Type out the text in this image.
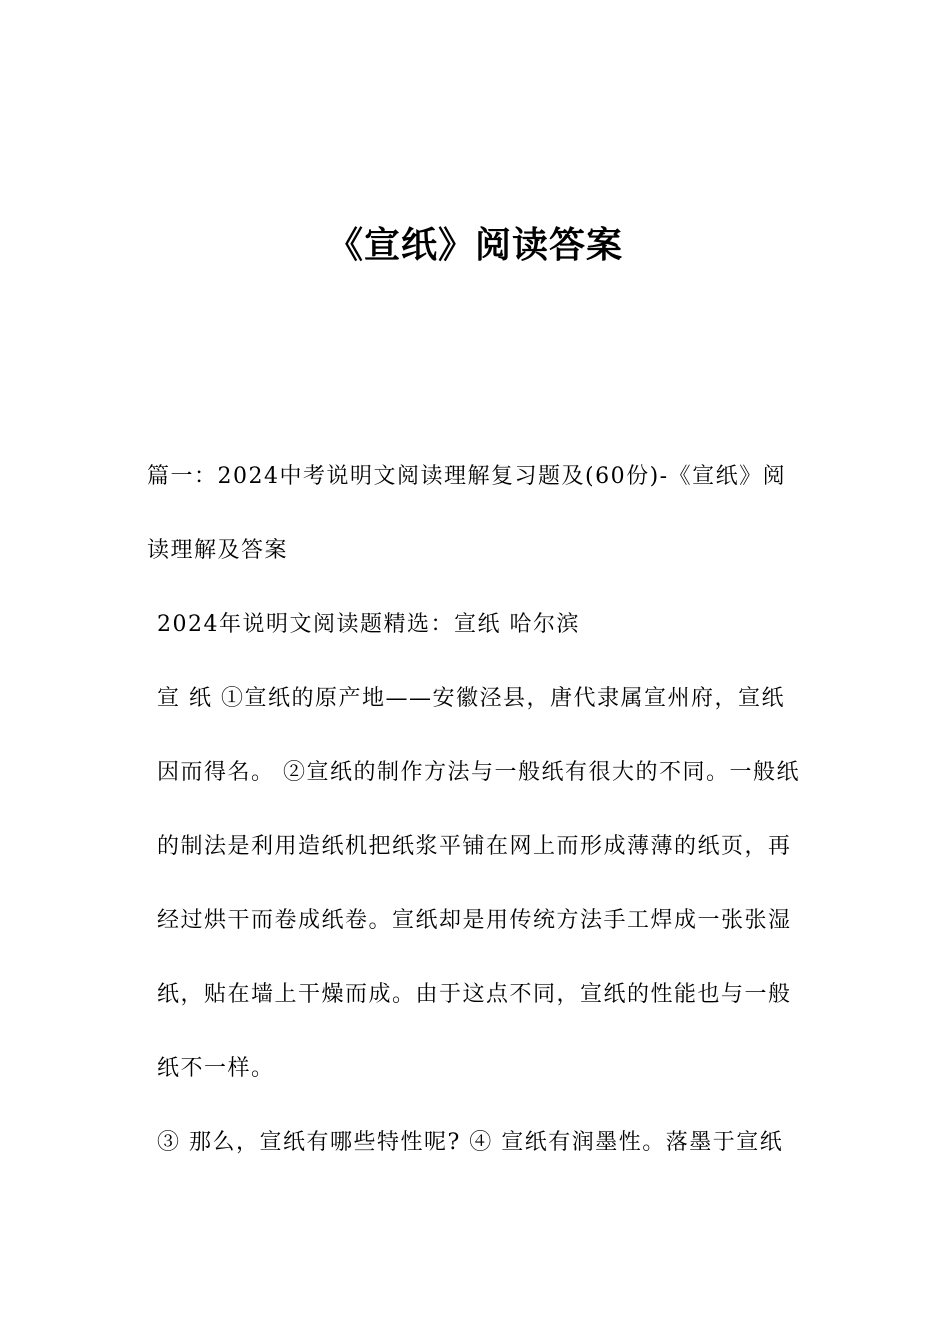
《宣纸》阅读答案

篇一：2024中考说明文阅读理解复习题及(60份)-《宣纸》阅读理解及答案

2024年说明文阅读题精选：宣纸 哈尔滨

宣 纸 ①宣纸的原产地——安徽泾县，唐代隶属宣州府，宣纸因而得名。 ②宣纸的制作方法与一般纸有很大的不同。一般纸的制法是利用造纸机把纸浆平铺在网上而形成薄薄的纸页，再经过烘干而卷成纸卷。宣纸却是用传统方法手工焊成一张张湿纸，贴在墙上干燥而成。由于这点不同，宣纸的性能也与一般纸不一样。

③ 那么，宣纸有哪些特性呢? ④ 宣纸有润墨性。落墨于宣纸
